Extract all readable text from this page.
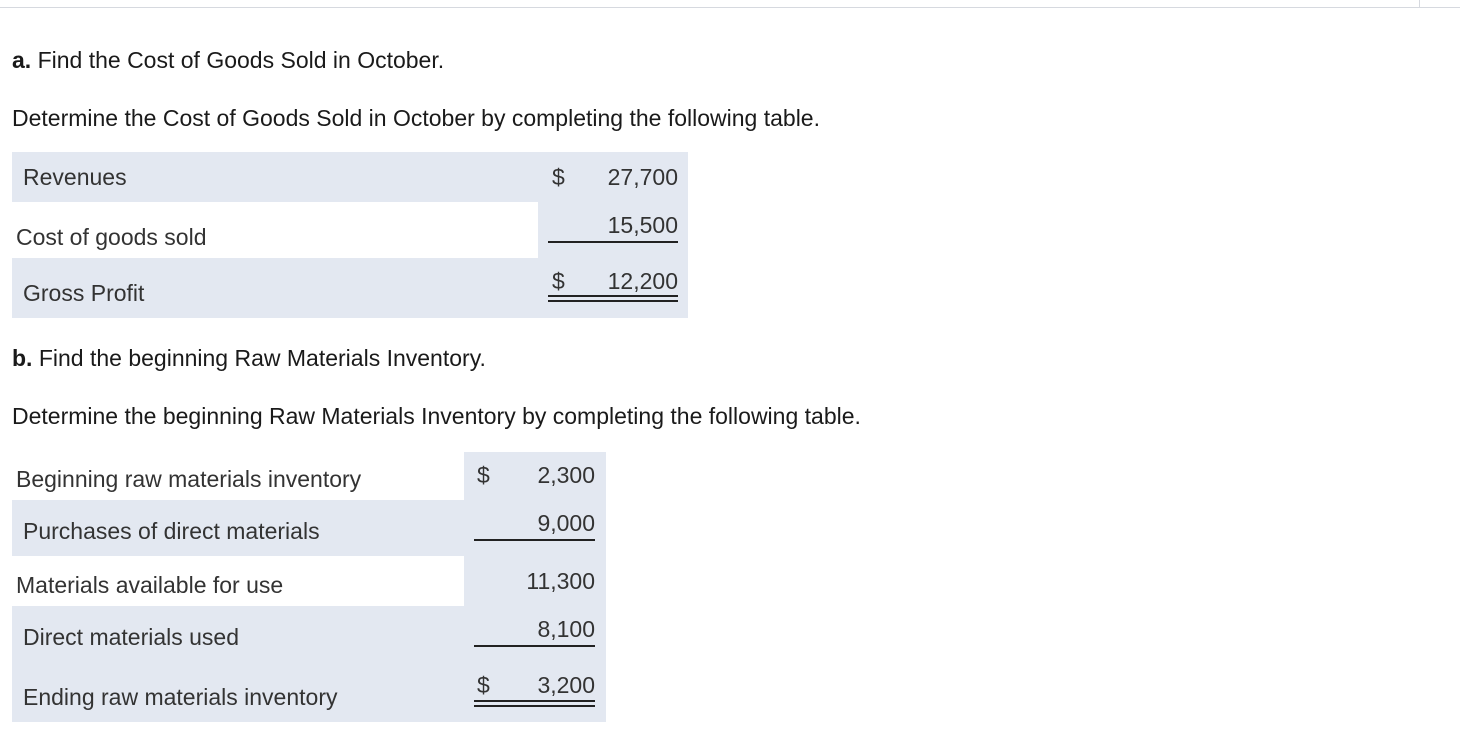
a. Find the Cost of Goods Sold in October.
Determine the Cost of Goods Sold in October by completing the following table.
Revenues	$	27,700
Cost of goods sold	15,500
Gross Profit	$	12,200
b. Find the beginning Raw Materials Inventory.
Determine the beginning Raw Materials Inventory by completing the following table.
Beginning raw materials inventory	$	2,300
Purchases of direct materials	9,000
Materials available for use	11,300
Direct materials used	8,100
Ending raw materials inventory	$	3,200
